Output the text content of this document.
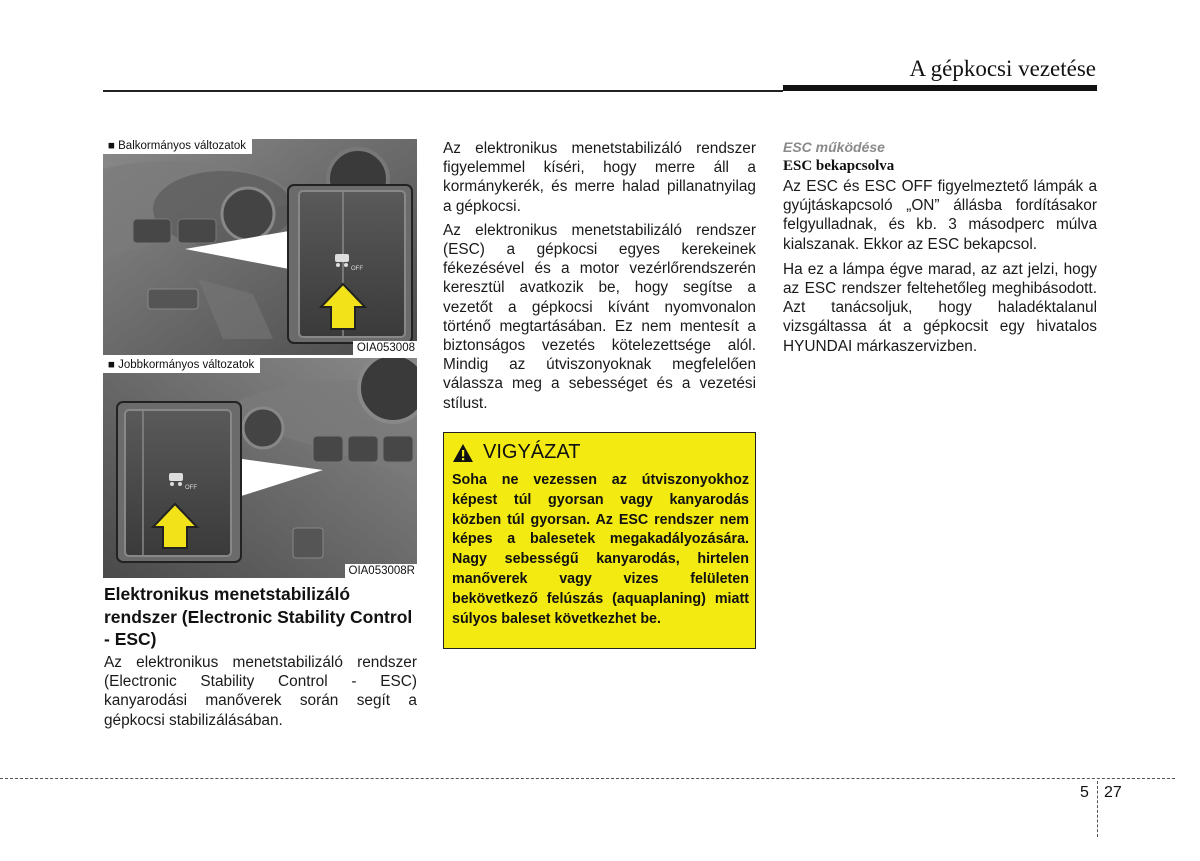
A gépkocsi vezetése
OFF
■ Balkormányos változatok
OIA053008
OFF
■ Jobbkormányos változatok
OIA053008R
Elektronikus menetstabilizáló rendszer (Electronic Stability Control - ESC)

Az elektronikus menetstabilizáló rendszer (Electronic Stability Control - ESC) kanyarodási manőverek során segít a gépkocsi stabilizálásában.

Az elektronikus menetstabilizáló rendszer figyelemmel kíséri, hogy merre áll a kormánykerék, és merre halad pillanatnyilag a gépkocsi.

Az elektronikus menetstabilizáló rendszer (ESC) a gépkocsi egyes kerekeinek fékezésével és a motor vezérlőrendszerén keresztül avatkozik be, hogy segítse a vezetőt a gépkocsi kívánt nyomvonalon történő megtartásában. Ez nem mentesít a biztonságos vezetés kötelezettsége alól. Mindig az útviszonyoknak megfelelően válassza meg a sebességet és a vezetési stílust.

VIGYÁZAT
Soha ne vezessen az útviszonyokhoz képest túl gyorsan vagy kanyarodás közben túl gyorsan. Az ESC rendszer nem képes a balesetek megakadályozására. Nagy sebességű kanyarodás, hirtelen manőverek vagy vizes felületen bekövetkező felúszás (aquaplaning) miatt súlyos baleset következhet be.

ESC működése

ESC bekapcsolva

Az ESC és ESC OFF figyelmeztető lámpák a gyújtáskapcsoló „ON” állásba fordításakor felgyulladnak, és kb. 3 másodperc múlva kialszanak. Ekkor az ESC bekapcsol.

Ha ez a lámpa égve marad, az azt jelzi, hogy az ESC rendszer feltehetőleg meghibásodott. Azt tanácsoljuk, hogy haladéktalanul vizsgáltassa át a gépkocsit egy hivatalos HYUNDAI márkaszervizben.

5 27
